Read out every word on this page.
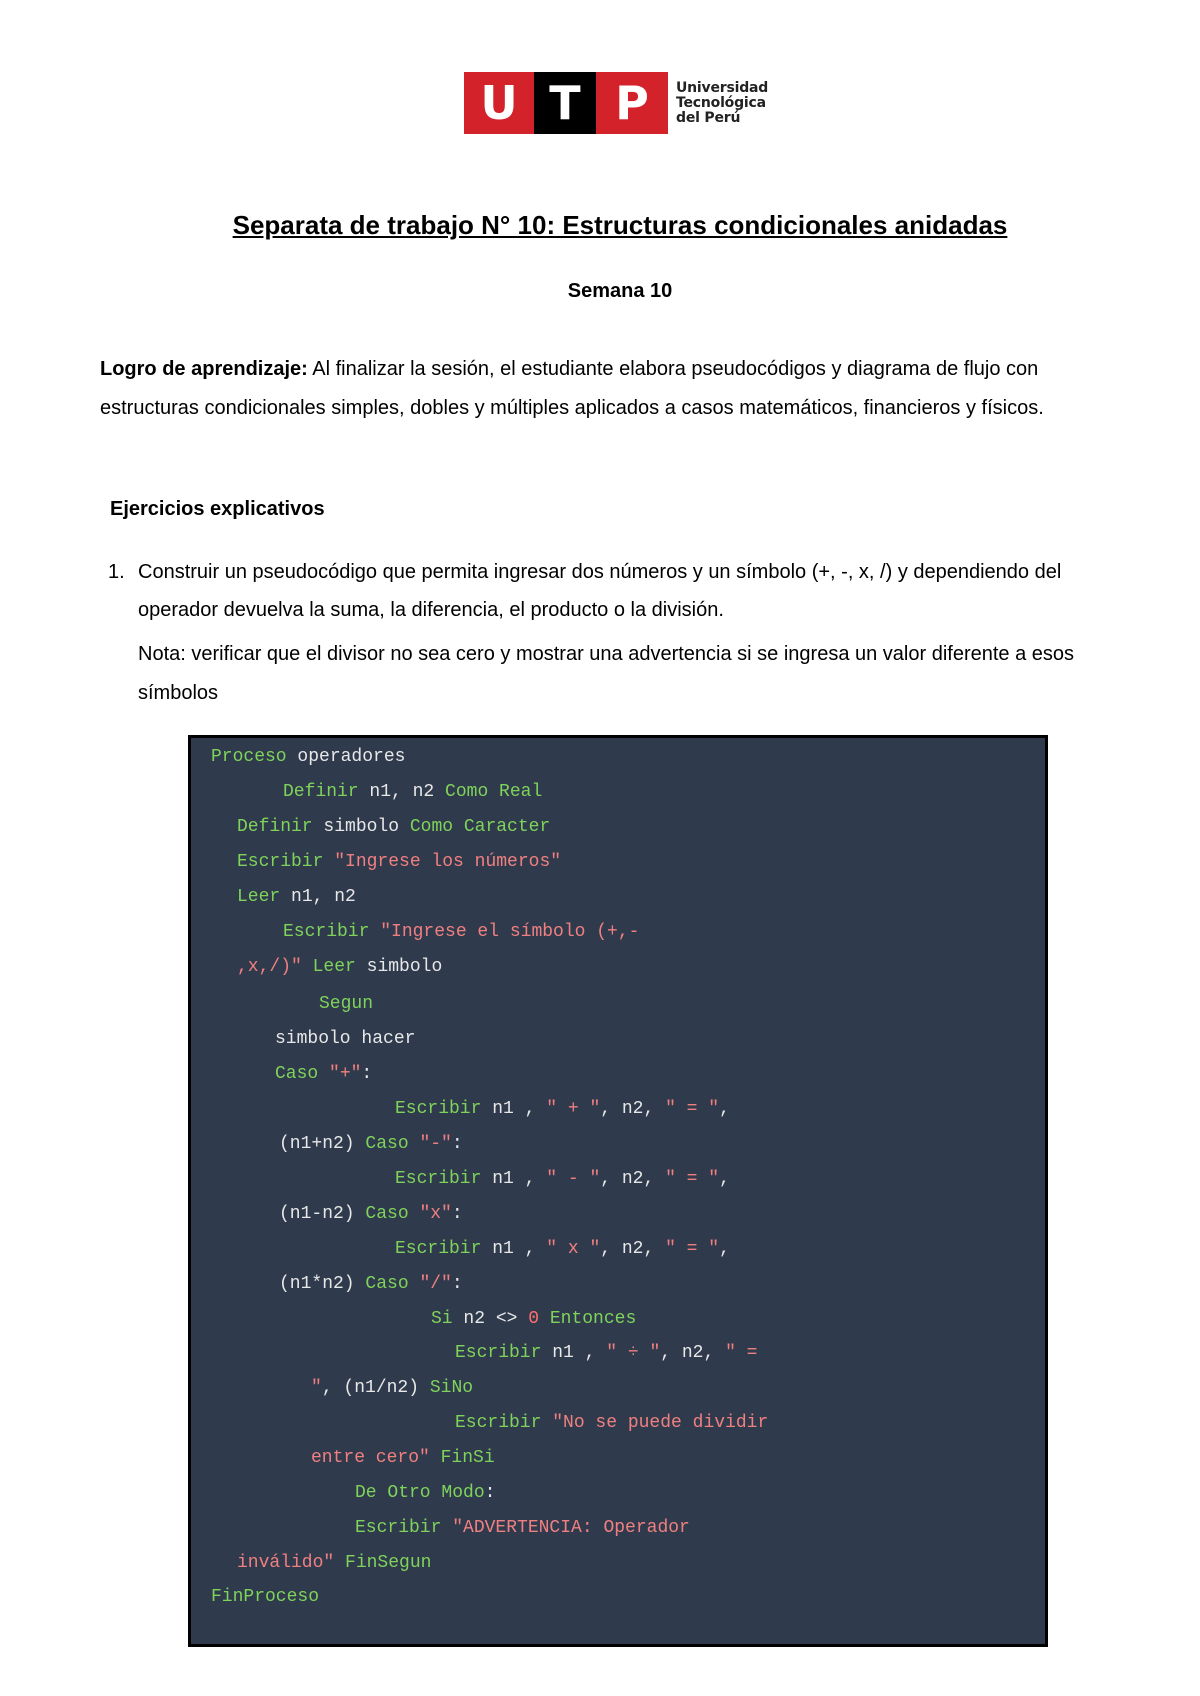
U T P	Universidad
Tecnológica
del Perú
Separata de trabajo N° 10: Estructuras condicionales anidadas
Semana 10
Logro de aprendizaje: Al finalizar la sesión, el estudiante elabora pseudocódigos y diagrama de flujo con estructuras condicionales simples, dobles y múltiples aplicados a casos matemáticos, financieros y físicos.
Ejercicios explicativos
1. Construir un pseudocódigo que permita ingresar dos números y un símbolo (+, -, x, /) y dependiendo del operador devuelva la suma, la diferencia, el producto o la división.
Nota: verificar que el divisor no sea cero y mostrar una advertencia si se ingresa un valor diferente a esos símbolos
Proceso operadores
Definir n1, n2 Como Real
Definir simbolo Como Caracter
Escribir "Ingrese los números"
Leer n1, n2
Escribir "Ingrese el símbolo (+,-
,x,/)" Leer simbolo
Segun
simbolo hacer
Caso "+":
Escribir n1 , " + ", n2, " = ",
(n1+n2) Caso "-":
Escribir n1 , " - ", n2, " = ",
(n1-n2) Caso "x":
Escribir n1 , " x ", n2, " = ",
(n1*n2) Caso "/":
Si n2 <> 0 Entonces
Escribir n1 , " ÷ ", n2, " =
", (n1/n2) SiNo
Escribir "No se puede dividir
entre cero" FinSi
De Otro Modo:
Escribir "ADVERTENCIA: Operador
inválido" FinSegun
FinProceso
